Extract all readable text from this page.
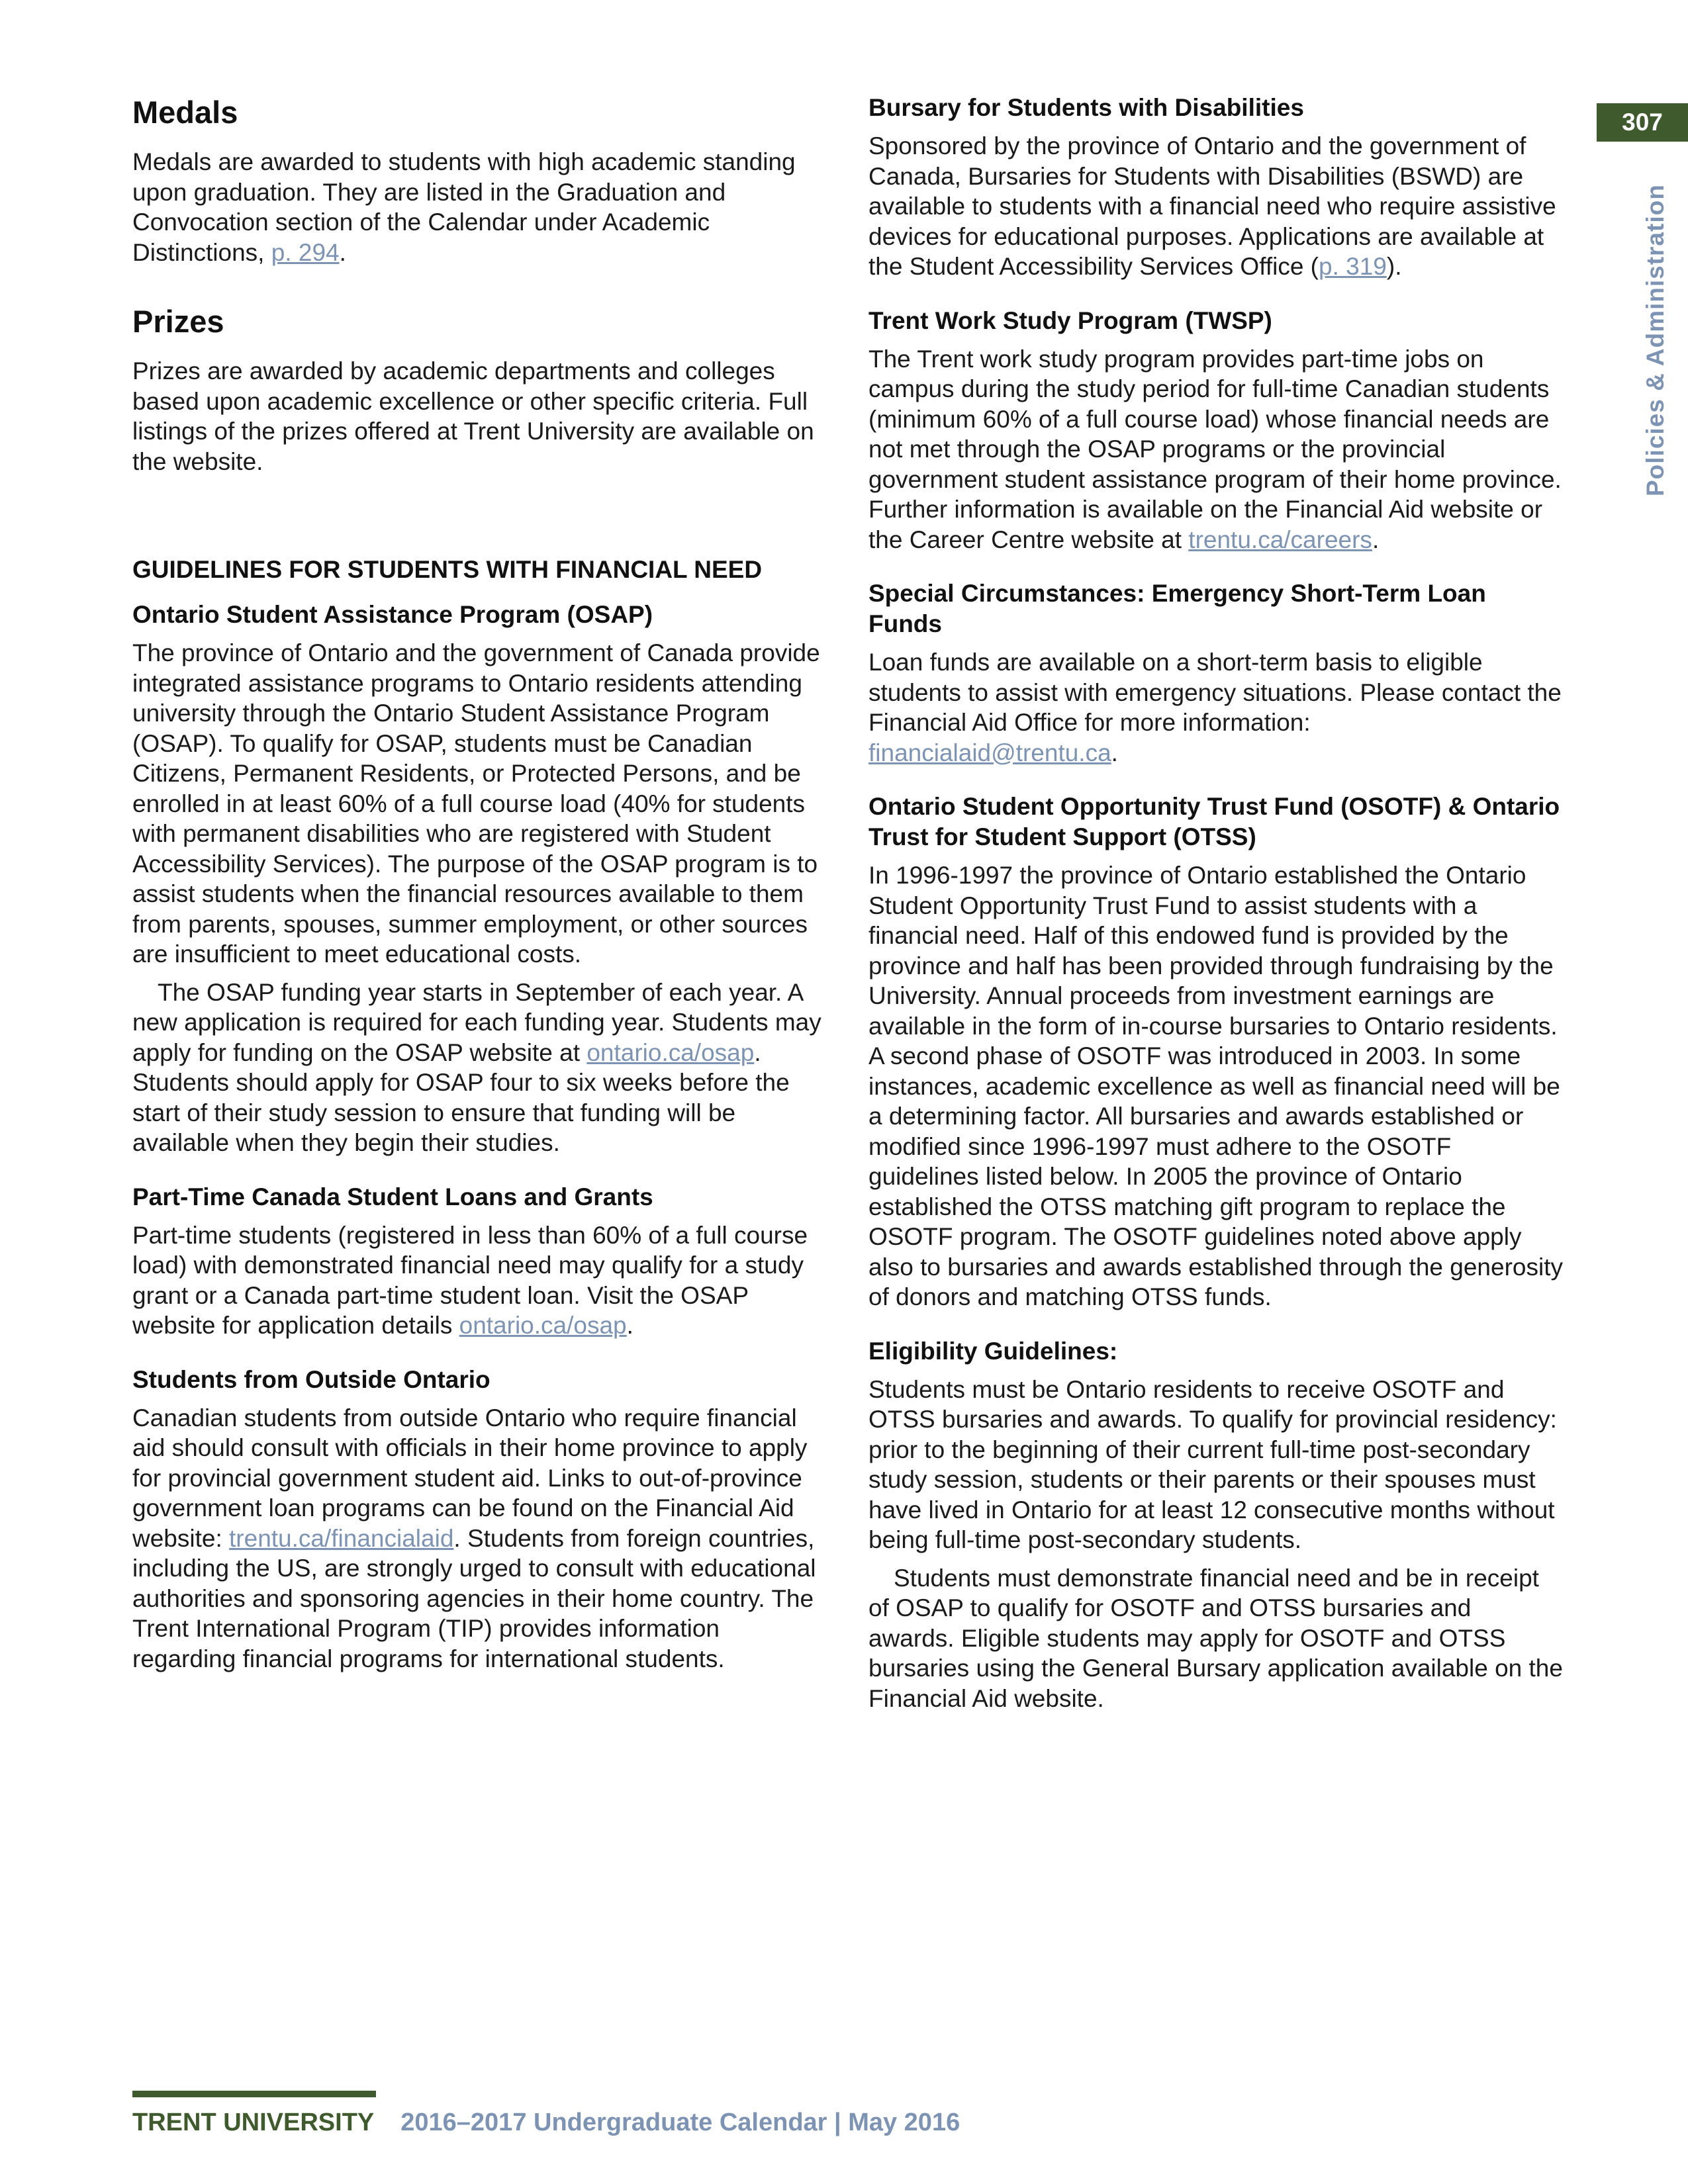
307
Policies & Administration
Medals

Medals are awarded to students with high academic standing upon graduation. They are listed in the Graduation and Convocation section of the Calendar under Academic Distinctions, p. 294.

Prizes

Prizes are awarded by academic departments and colleges based upon academic excellence or other specific criteria. Full listings of the prizes offered at Trent University are available on the website.

GUIDELINES FOR STUDENTS WITH FINANCIAL NEED
Ontario Student Assistance Program (OSAP)

The province of Ontario and the government of Canada provide integrated assistance programs to Ontario residents attending university through the Ontario Student Assistance Program (OSAP). To qualify for OSAP, students must be Canadian Citizens, Permanent Residents, or Protected Persons, and be enrolled in at least 60% of a full course load (40% for students with permanent disabilities who are registered with Student Accessibility Services). The purpose of the OSAP program is to assist students when the financial resources available to them from parents, spouses, summer employment, or other sources are insufficient to meet educational costs.

The OSAP funding year starts in September of each year. A new application is required for each funding year. Students may apply for funding on the OSAP website at ontario.ca/osap. Students should apply for OSAP four to six weeks before the start of their study session to ensure that funding will be available when they begin their studies.

Part-Time Canada Student Loans and Grants

Part-time students (registered in less than 60% of a full course load) with demonstrated financial need may qualify for a study grant or a Canada part-time student loan. Visit the OSAP website for application details ontario.ca/osap.

Students from Outside Ontario

Canadian students from outside Ontario who require financial aid should consult with officials in their home province to apply for provincial government student aid. Links to out-of-province government loan programs can be found on the Financial Aid website: trentu.ca/financialaid. Students from foreign countries, including the US, are strongly urged to consult with educational authorities and sponsoring agencies in their home country. The Trent International Program (TIP) provides information regarding financial programs for international students.

Bursary for Students with Disabilities

Sponsored by the province of Ontario and the government of Canada, Bursaries for Students with Disabilities (BSWD) are available to students with a financial need who require assistive devices for educational purposes. Applications are available at the Student Accessibility Services Office (p. 319).

Trent Work Study Program (TWSP)

The Trent work study program provides part-time jobs on campus during the study period for full-time Canadian students (minimum 60% of a full course load) whose financial needs are not met through the OSAP programs or the provincial government student assistance program of their home province. Further information is available on the Financial Aid website or the Career Centre website at trentu.ca/careers.

Special Circumstances: Emergency Short-Term Loan Funds

Loan funds are available on a short-term basis to eligible students to assist with emergency situations. Please contact the Financial Aid Office for more information: financialaid@trentu.ca.

Ontario Student Opportunity Trust Fund (OSOTF) & Ontario Trust for Student Support (OTSS)

In 1996-1997 the province of Ontario established the Ontario Student Opportunity Trust Fund to assist students with a financial need. Half of this endowed fund is provided by the province and half has been provided through fundraising by the University. Annual proceeds from investment earnings are available in the form of in-course bursaries to Ontario residents. A second phase of OSOTF was introduced in 2003. In some instances, academic excellence as well as financial need will be a determining factor. All bursaries and awards established or modified since 1996-1997 must adhere to the OSOTF guidelines listed below. In 2005 the province of Ontario established the OTSS matching gift program to replace the OSOTF program. The OSOTF guidelines noted above apply also to bursaries and awards established through the generosity of donors and matching OTSS funds.

Eligibility Guidelines:

Students must be Ontario residents to receive OSOTF and OTSS bursaries and awards. To qualify for provincial residency: prior to the beginning of their current full-time post-secondary study session, students or their parents or their spouses must have lived in Ontario for at least 12 consecutive months without being full-time post-secondary students.

Students must demonstrate financial need and be in receipt of OSAP to qualify for OSOTF and OTSS bursaries and awards. Eligible students may apply for OSOTF and OTSS bursaries using the General Bursary application available on the Financial Aid website.

TRENT UNIVERSITY 2016–2017 Undergraduate Calendar | May 2016
